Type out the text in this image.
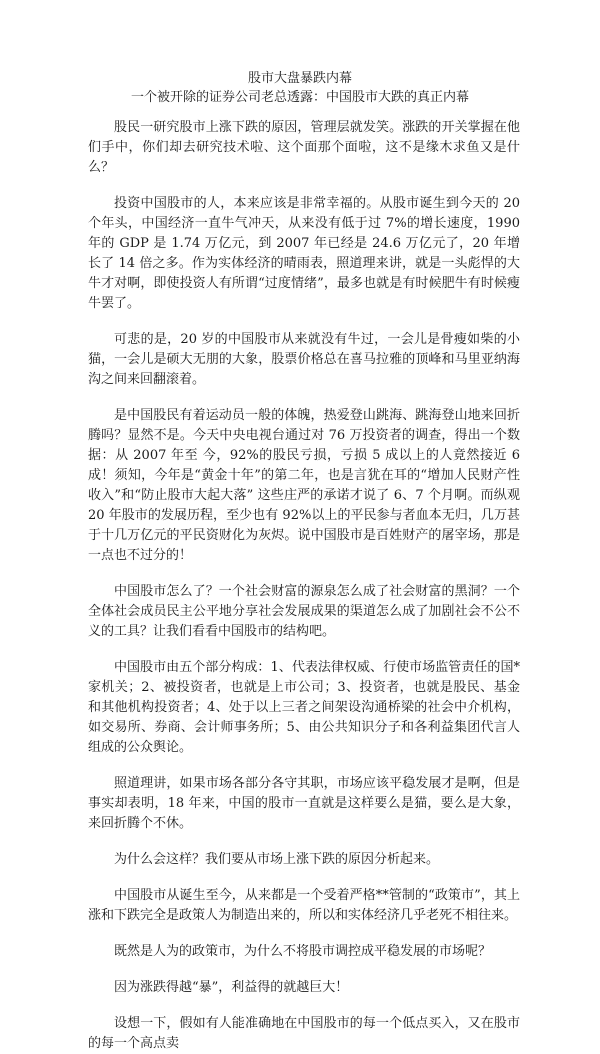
股市大盘暴跌内幕
一个被开除的证券公司老总透露：中国股市大跌的真正内幕

股民一研究股市上涨下跌的原因，管理层就发笑。涨跌的开关掌握在他们手中，你们却去研究技术啦、这个面那个面啦，这不是缘木求鱼又是什么？

投资中国股市的人，本来应该是非常幸福的。从股市诞生到今天的 20 个年头，中国经济一直牛气冲天，从来没有低于过 7%的增长速度，1990 年的 GDP 是 1.74 万亿元，到 2007 年已经是 24.6 万亿元了，20 年增长了 14 倍之多。作为实体经济的晴雨表，照道理来讲，就是一头彪悍的大牛才对啊，即使投资人有所谓“过度情绪”，最多也就是有时候肥牛有时候瘦牛罢了。

可悲的是，20 岁的中国股市从来就没有牛过，一会儿是骨瘦如柴的小猫，一会儿是硕大无朋的大象，股票价格总在喜马拉雅的顶峰和马里亚纳海沟之间来回翻滚着。

是中国股民有着运动员一般的体魄，热爱登山跳海、跳海登山地来回折腾吗？显然不是。今天中央电视台通过对 76 万投资者的调查，得出一个数据：从 2007 年至 今，92%的股民亏损，亏损 5 成以上的人竟然接近 6 成！须知，今年是“黄金十年”的第二年，也是言犹在耳的“增加人民财产性收入”和“防止股市大起大落” 这些庄严的承诺才说了 6、7 个月啊。而纵观 20 年股市的发展历程，至少也有 92%以上的平民参与者血本无归，几万甚于十几万亿元的平民资财化为灰烬。说中国股市是百姓财产的屠宰场，那是一点也不过分的！

中国股市怎么了？一个社会财富的源泉怎么成了社会财富的黑洞？一个全体社会成员民主公平地分享社会发展成果的渠道怎么成了加剧社会不公不义的工具？让我们看看中国股市的结构吧。

中国股市由五个部分构成：1、代表法律权威、行使市场监管责任的国*家机关；2、被投资者，也就是上市公司；3、投资者，也就是股民、基金和其他机构投资者；4、处于以上三者之间架设沟通桥梁的社会中介机构，如交易所、券商、会计师事务所；5、由公共知识分子和各利益集团代言人组成的公众舆论。

照道理讲，如果市场各部分各守其职，市场应该平稳发展才是啊，但是事实却表明，18 年来，中国的股市一直就是这样要么是猫，要么是大象，来回折腾个不休。

为什么会这样？我们要从市场上涨下跌的原因分析起来。

中国股市从诞生至今，从来都是一个受着严格**管制的“政策市”，其上涨和下跌完全是政策人为制造出来的，所以和实体经济几乎老死不相往来。

既然是人为的政策市，为什么不将股市调控成平稳发展的市场呢？

因为涨跌得越“暴”，利益得的就越巨大！

设想一下，假如有人能准确地在中国股市的每一个低点买入，又在股市的每一个高点卖
